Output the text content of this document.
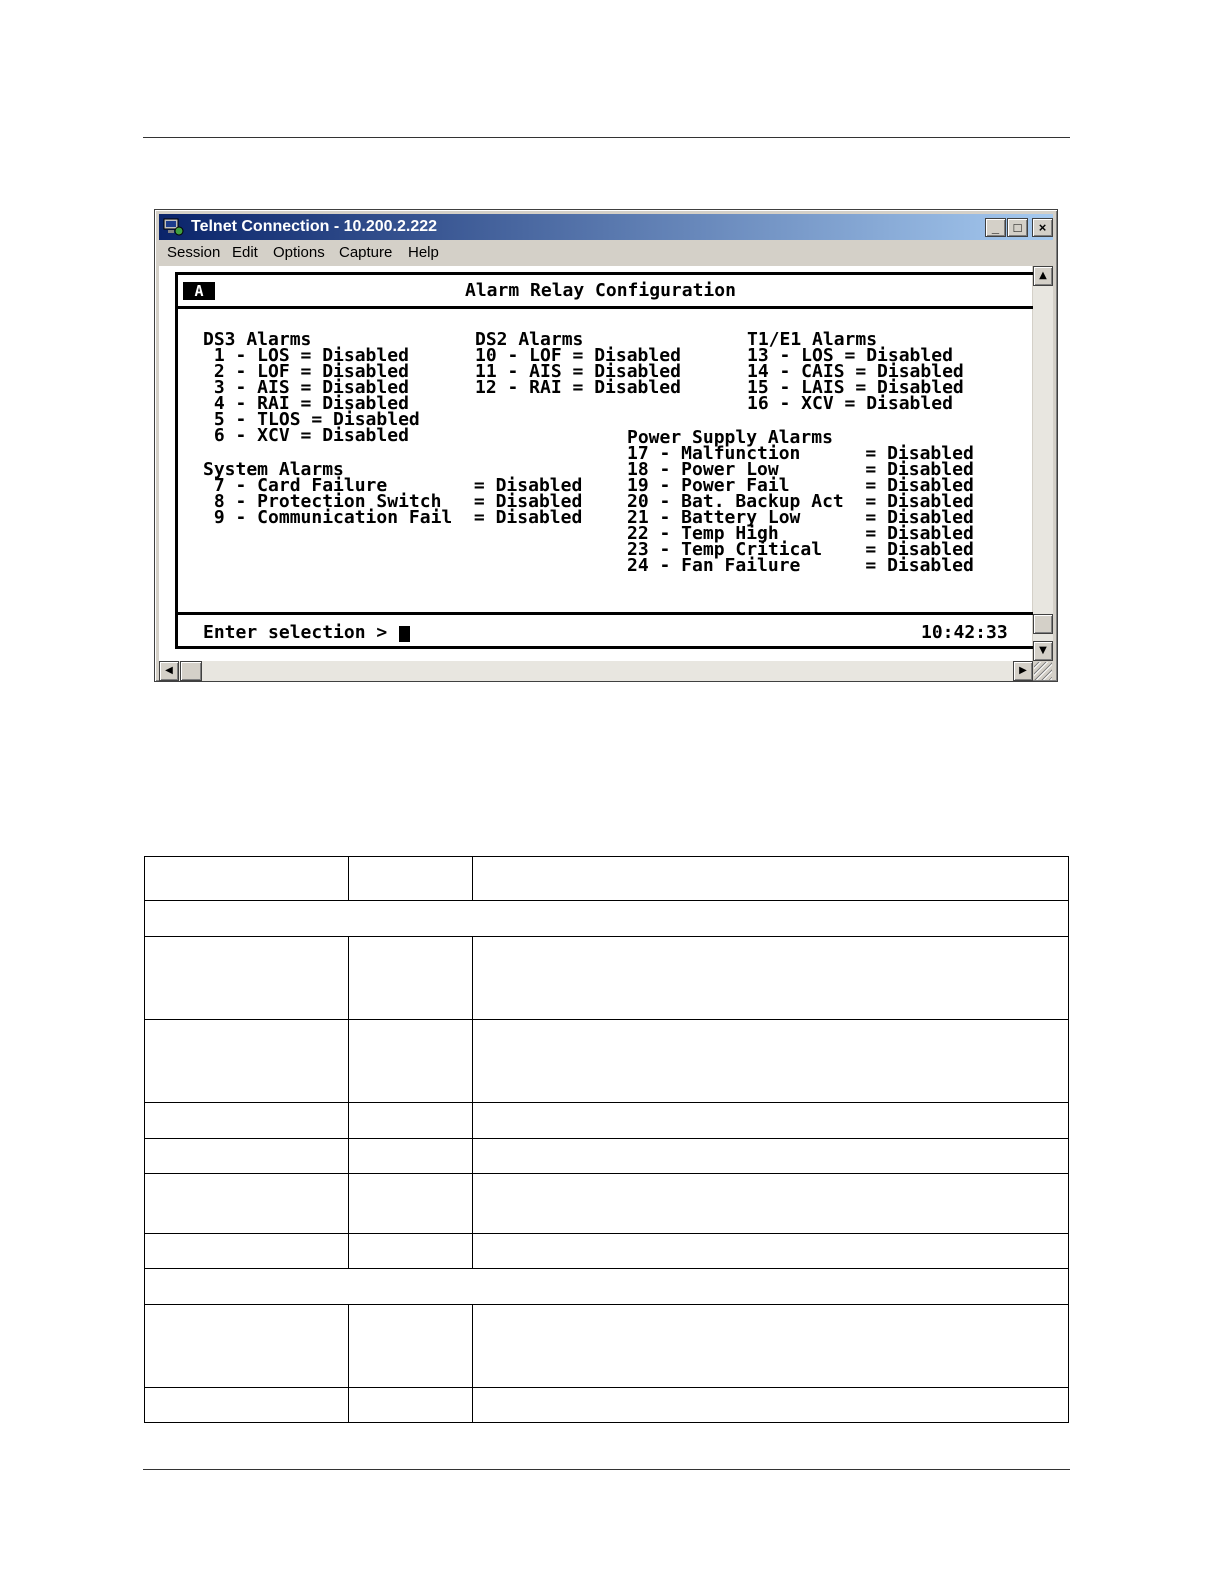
Telnet Connection - 10.200.2.222	_	□	×
Session Edit Options Capture Help
A	Alarm Relay Configuration
DS3 Alarms
1 - LOS = Disabled
2 - LOF = Disabled
3 - AIS = Disabled
4 - RAI = Disabled
5 - TLOS = Disabled
6 - XCV = Disabled
DS2 Alarms
10 - LOF = Disabled
11 - AIS = Disabled
12 - RAI = Disabled
T1/E1 Alarms
13 - LOS = Disabled
14 - CAIS = Disabled
15 - LAIS = Disabled
16 - XCV = Disabled
System Alarms
7 - Card Failure        = Disabled
8 - Protection Switch   = Disabled
9 - Communication Fail  = Disabled
Power Supply Alarms
17 - Malfunction      = Disabled
18 - Power Low        = Disabled
19 - Power Fail       = Disabled
20 - Bat. Backup Act  = Disabled
21 - Battery Low      = Disabled
22 - Temp High        = Disabled
23 - Temp Critical    = Disabled
24 - Fan Failure      = Disabled
Enter selection >	10:42:33
▲
▼
◀	▶
